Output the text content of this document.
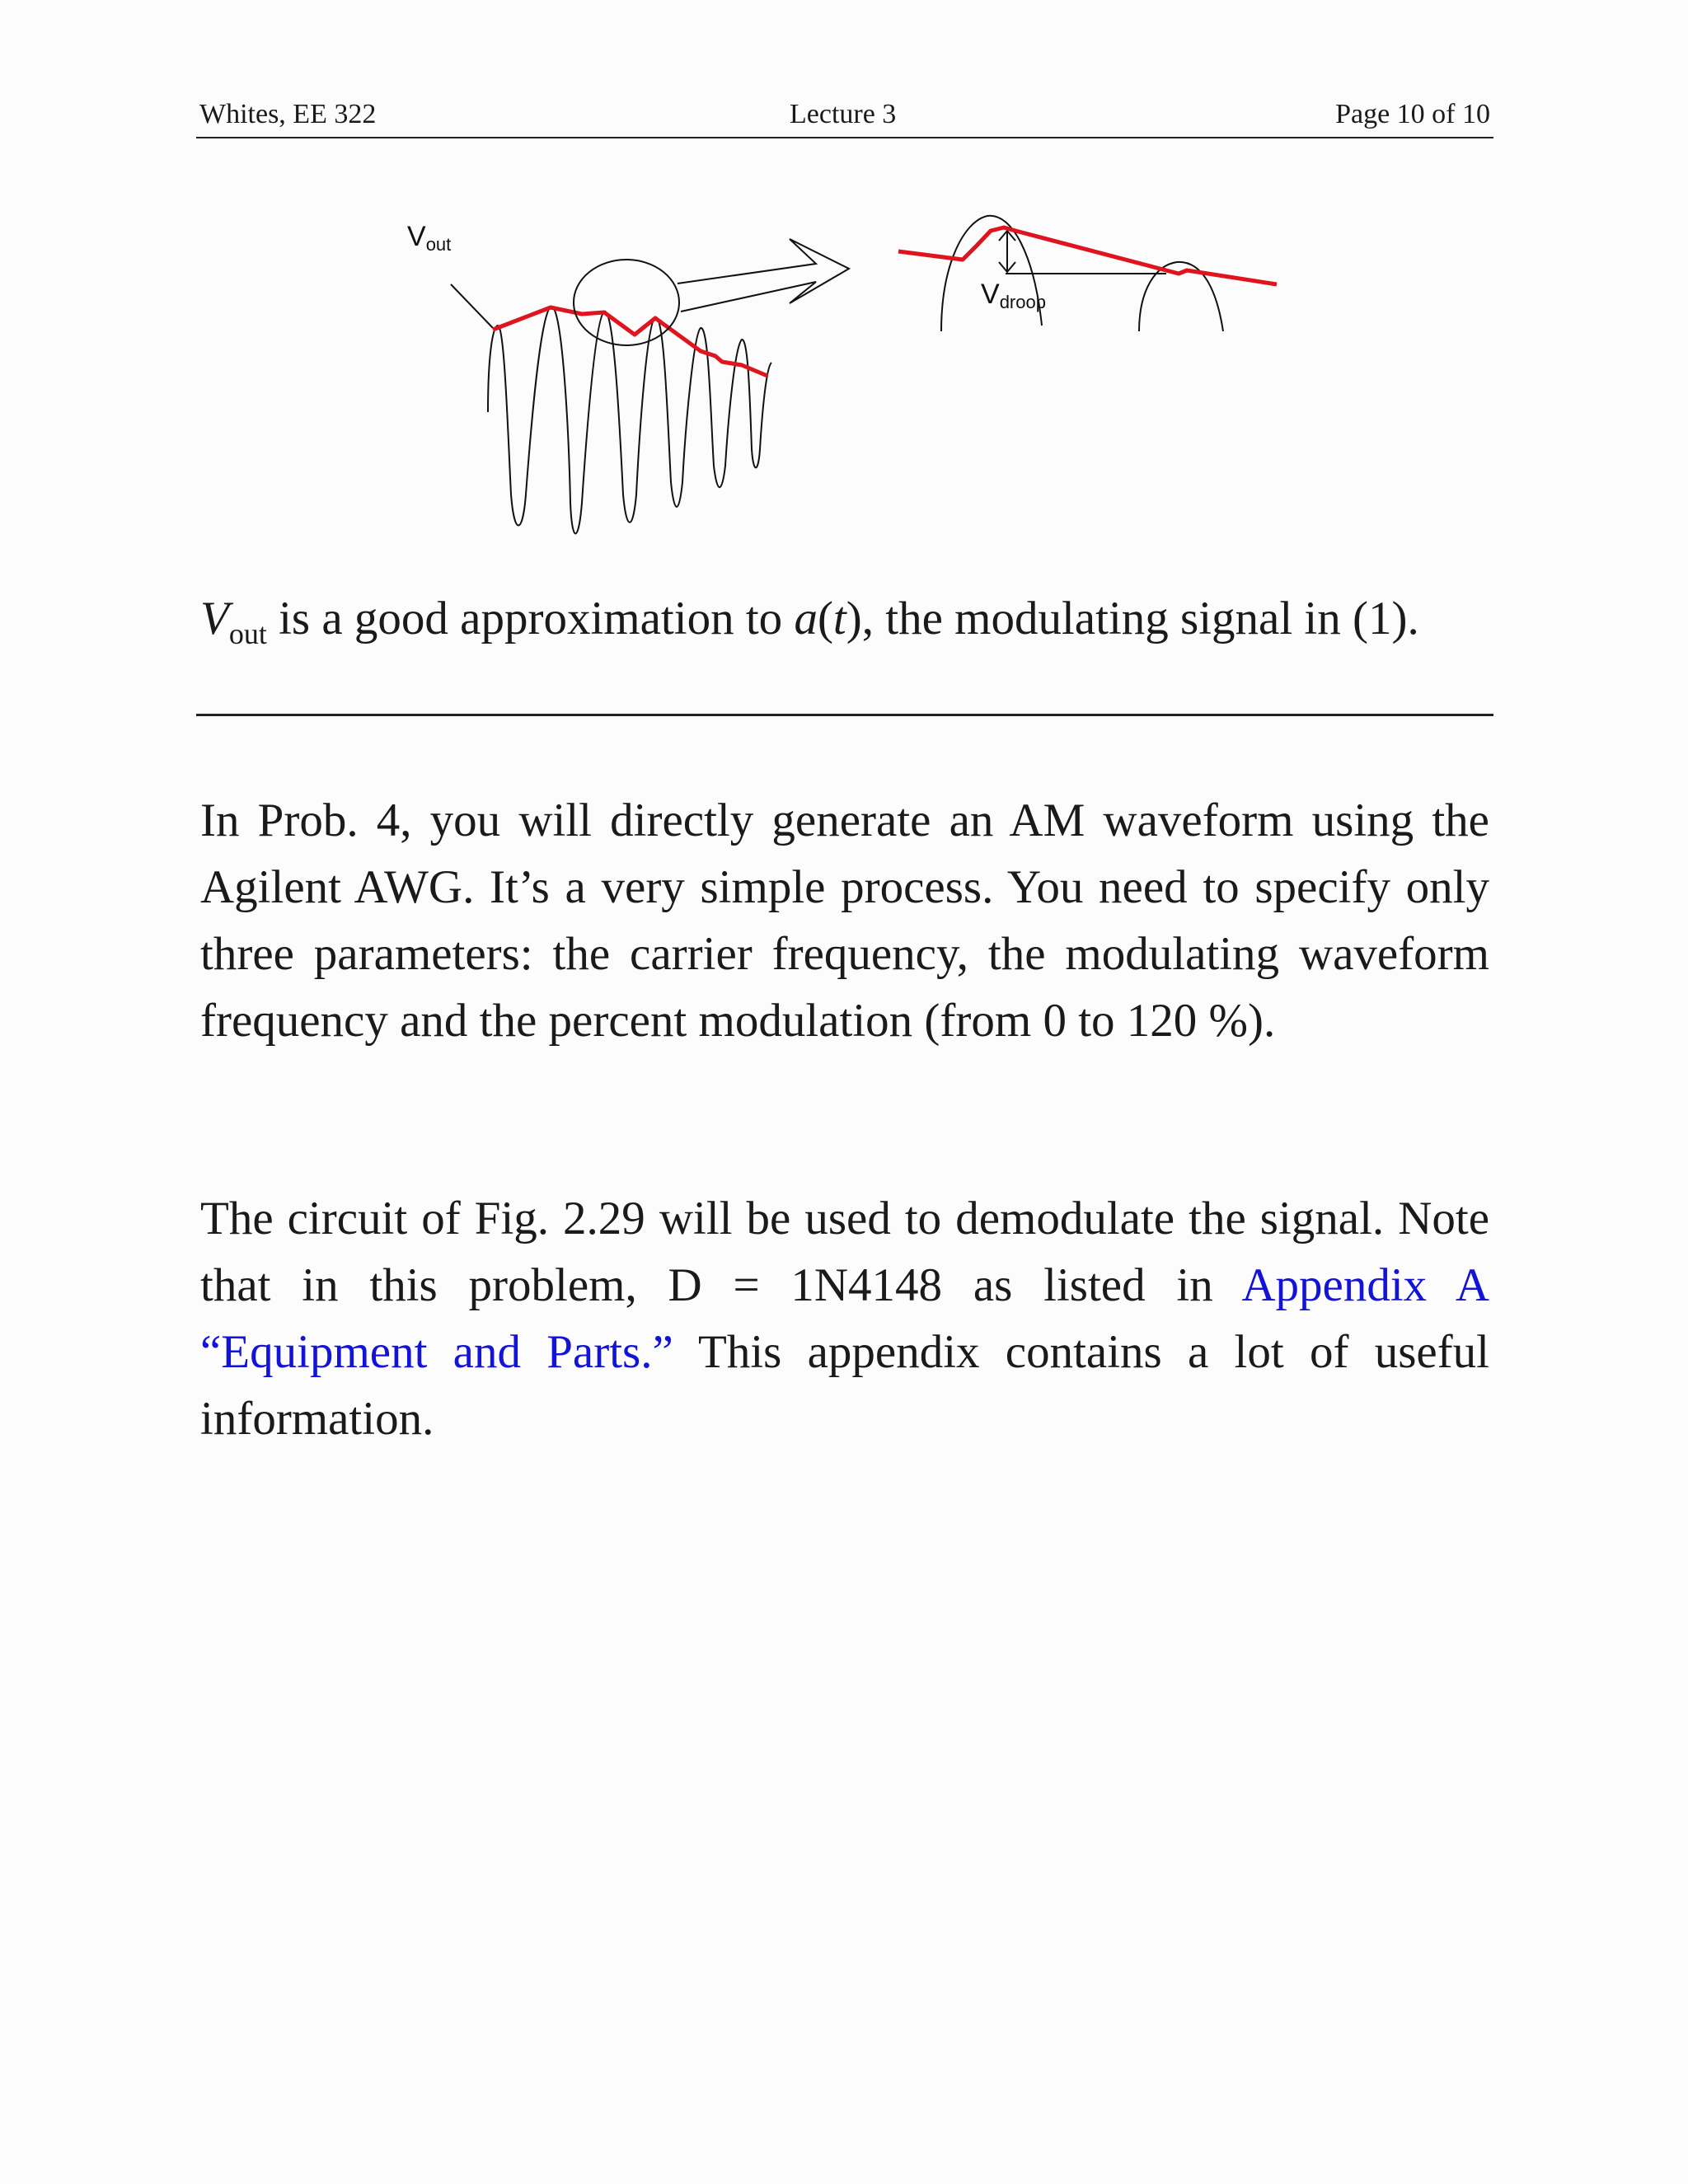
Whites, EE 322	Lecture 3	Page 10 of 10
$V_{out}$
$V_{droop}$
$V_{out}$ is a good approximation to a(t), the modulating signal in (1).

In Prob. 4, you will directly generate an AM waveform using the Agilent AWG. It’s a very simple process. You need to specify only three parameters: the carrier frequency, the modulating waveform frequency and the percent modulation (from 0 to 120 %).

The circuit of Fig. 2.29 will be used to demodulate the signal. Note that in this problem, D = 1N4148 as listed in Appendix A “Equipment and Parts.” This appendix contains a lot of useful information.
